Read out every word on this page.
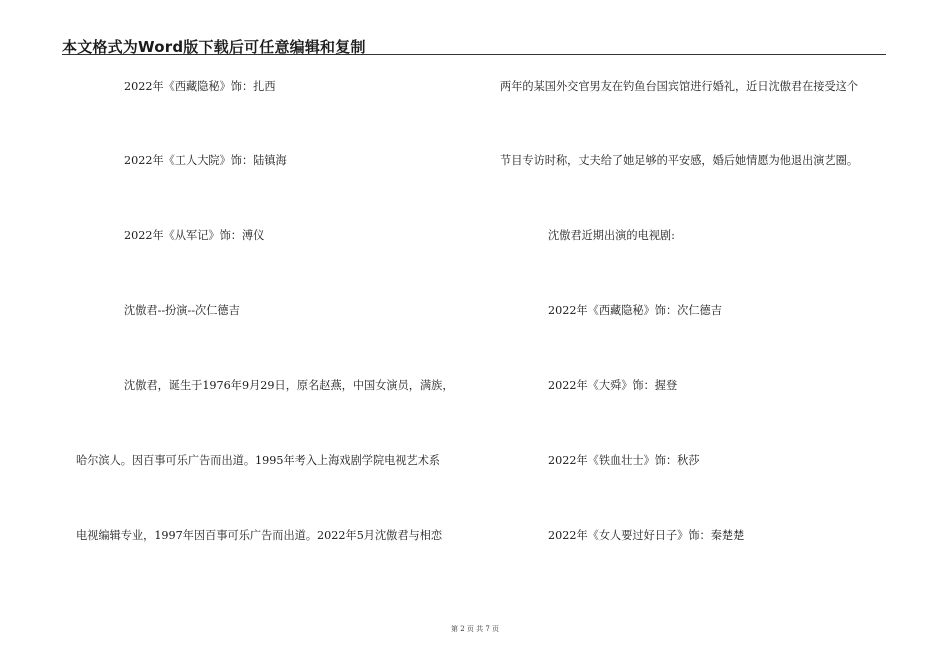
本文格式为Word版下载后可任意编辑和复制
2022年《西藏隐秘》饰：扎西
2022年《工人大院》饰：陆镇海
2022年《从军记》饰：溥仪
沈傲君--扮演--次仁德吉
沈傲君，诞生于1976年9月29日，原名赵燕，中国女演员，满族，
哈尔滨人。因百事可乐广告而出道。1995年考入上海戏剧学院电视艺术系
电视编辑专业，1997年因百事可乐广告而出道。2022年5月沈傲君与相恋
两年的某国外交官男友在钓鱼台国宾馆进行婚礼，近日沈傲君在接受这个
节目专访时称，丈夫给了她足够的平安感，婚后她情愿为他退出演艺圈。
沈傲君近期出演的电视剧:
2022年《西藏隐秘》饰：次仁德吉
2022年《大舜》饰：握登
2022年《铁血壮士》饰：秋莎
2022年《女人要过好日子》饰：秦楚楚
第 2 页 共 7 页
